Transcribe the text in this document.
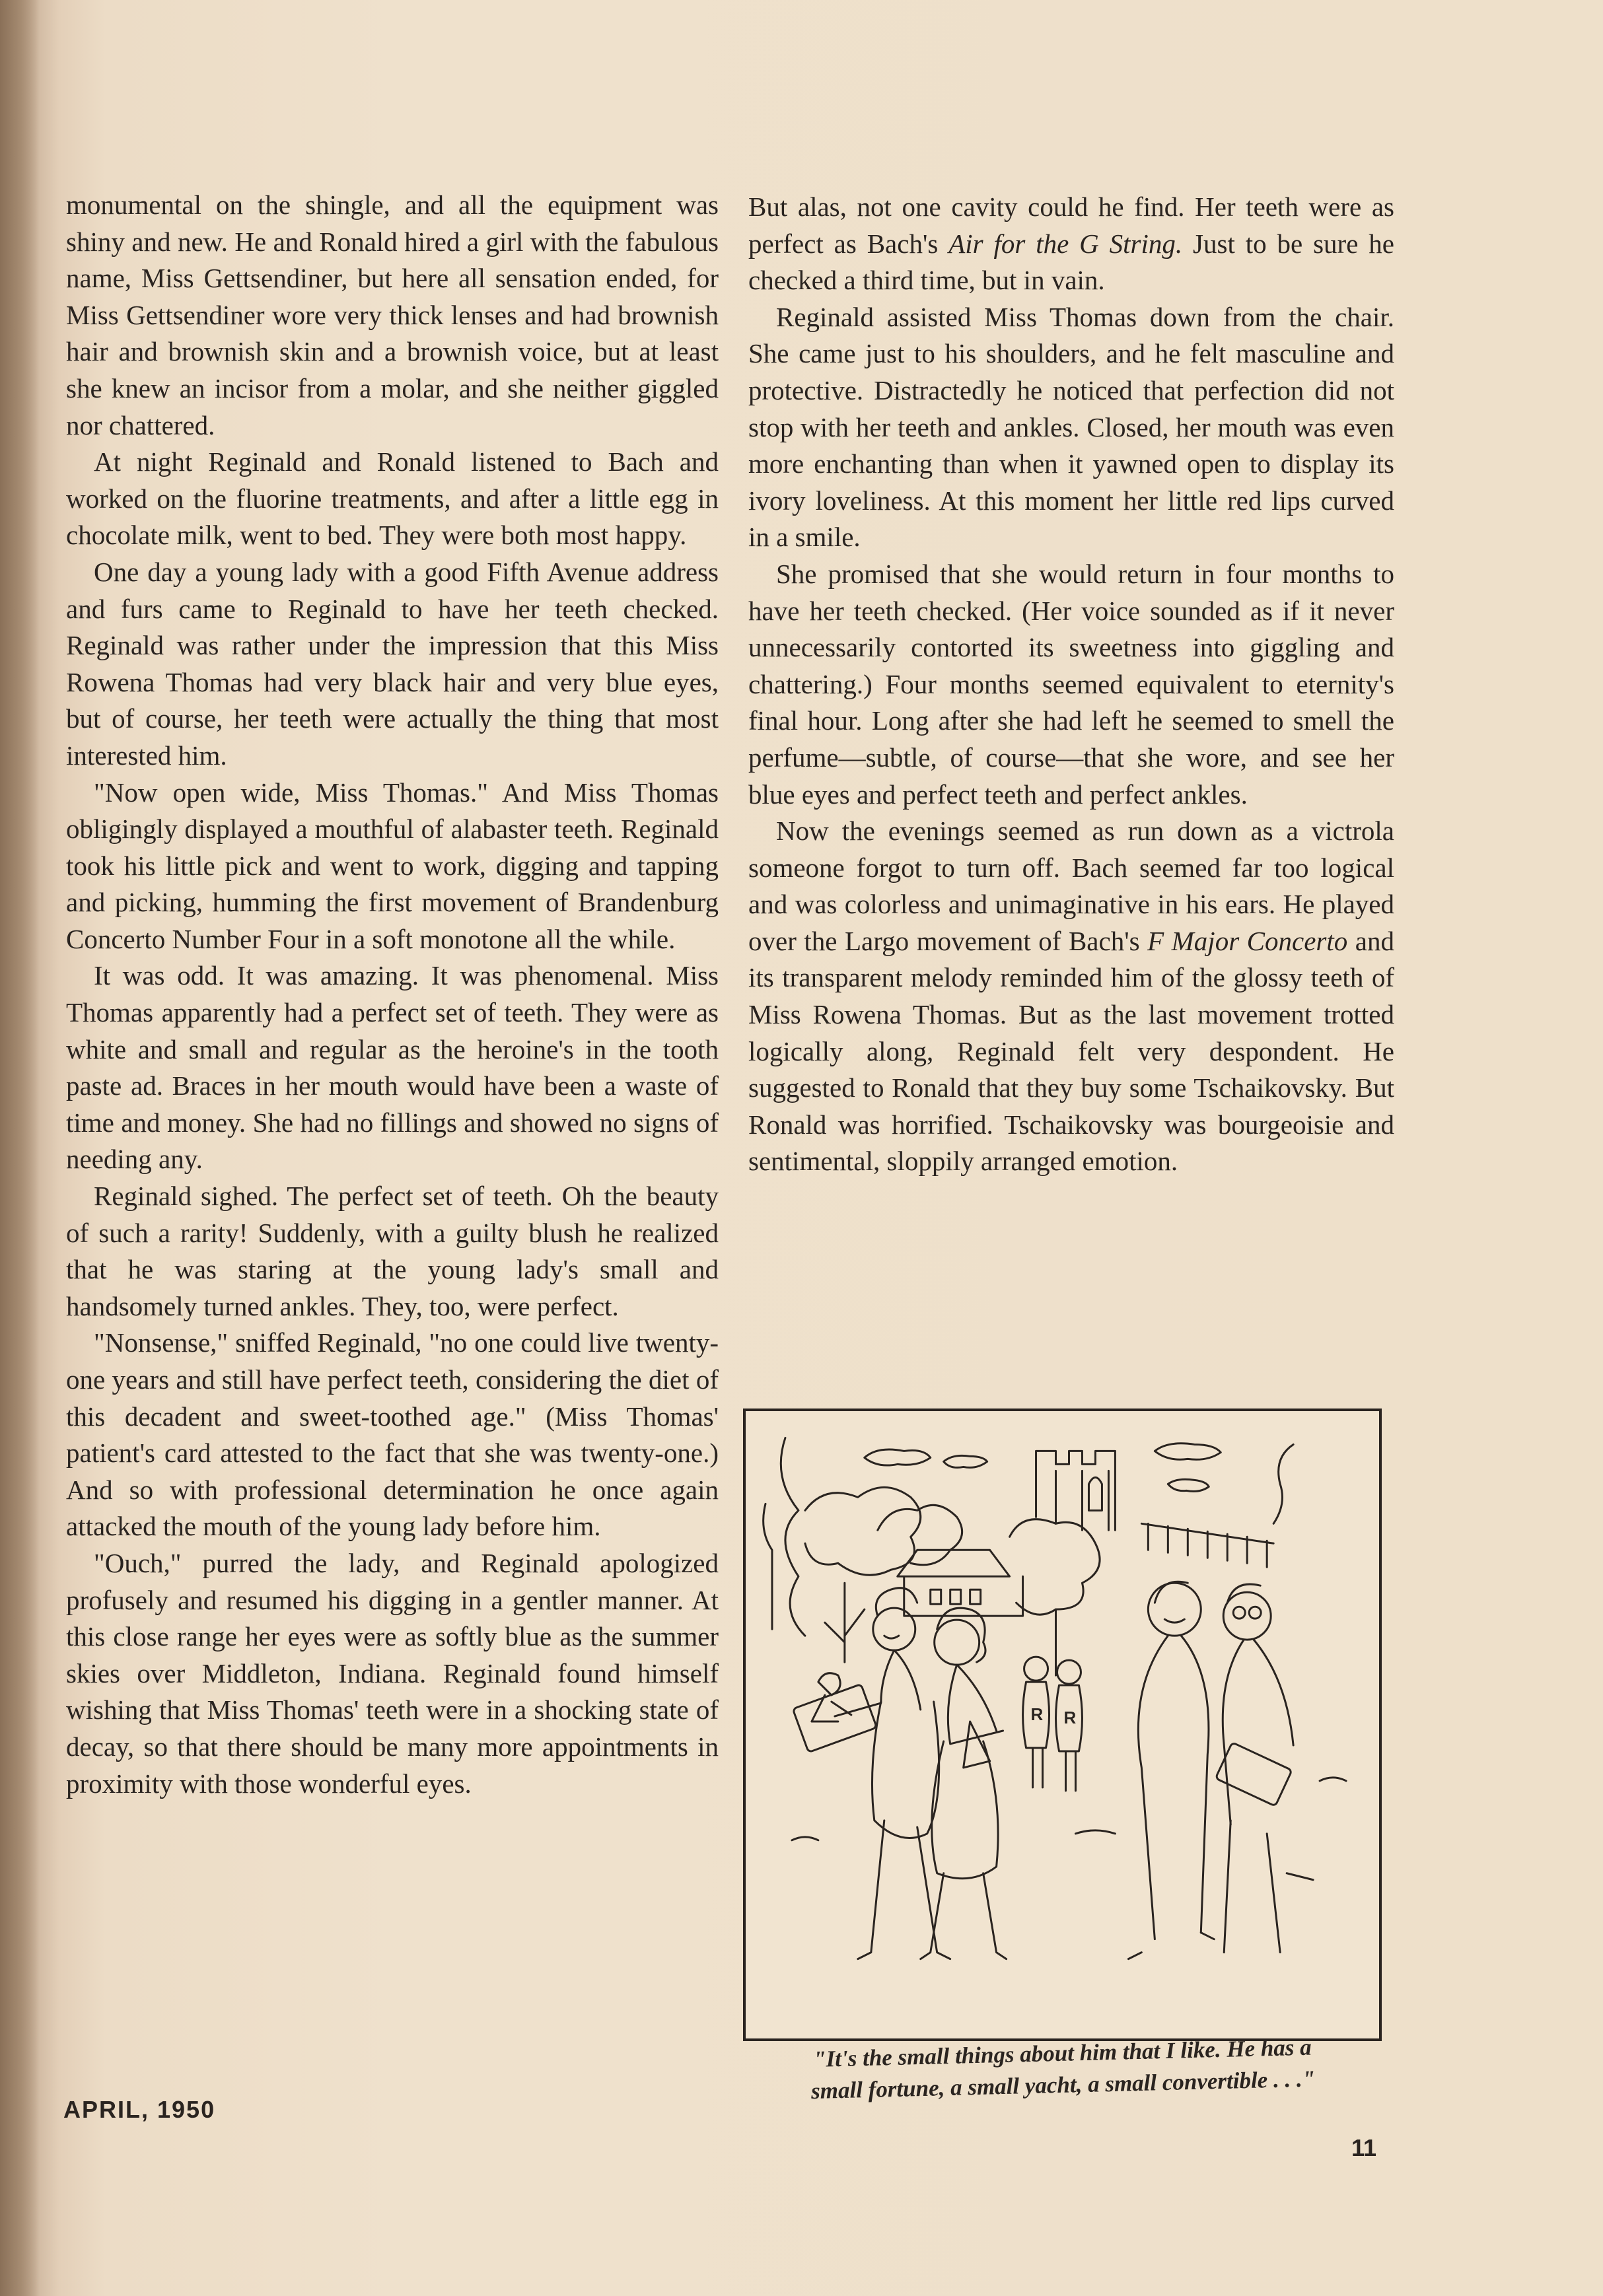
monumental on the shingle, and all the equipment was shiny and new. He and Ronald hired a girl with the fabulous name, Miss Gettsendiner, but here all sensation ended, for Miss Gettsendiner wore very thick lenses and had brownish hair and brownish skin and a brownish voice, but at least she knew an incisor from a molar, and she neither giggled nor chattered.

At night Reginald and Ronald listened to Bach and worked on the fluorine treatments, and after a little egg in chocolate milk, went to bed. They were both most happy.

One day a young lady with a good Fifth Avenue address and furs came to Reginald to have her teeth checked. Reginald was rather under the impression that this Miss Rowena Thomas had very black hair and very blue eyes, but of course, her teeth were actually the thing that most interested him.

"Now open wide, Miss Thomas." And Miss Thomas obligingly displayed a mouthful of alabaster teeth. Reginald took his little pick and went to work, digging and tapping and picking, humming the first movement of Brandenburg Concerto Number Four in a soft monotone all the while.

It was odd. It was amazing. It was phenomenal. Miss Thomas apparently had a perfect set of teeth. They were as white and small and regular as the heroine's in the tooth paste ad. Braces in her mouth would have been a waste of time and money. She had no fillings and showed no signs of needing any.

Reginald sighed. The perfect set of teeth. Oh the beauty of such a rarity! Suddenly, with a guilty blush he realized that he was staring at the young lady's small and handsomely turned ankles. They, too, were perfect.

"Nonsense," sniffed Reginald, "no one could live twenty-one years and still have perfect teeth, considering the diet of this decadent and sweet-toothed age." (Miss Thomas' patient's card attested to the fact that she was twenty-one.) And so with professional determination he once again attacked the mouth of the young lady before him.

"Ouch," purred the lady, and Reginald apologized profusely and resumed his digging in a gentler manner. At this close range her eyes were as softly blue as the summer skies over Middleton, Indiana. Reginald found himself wishing that Miss Thomas' teeth were in a shocking state of decay, so that there should be many more appointments in proximity with those wonderful eyes.

But alas, not one cavity could he find. Her teeth were as perfect as Bach's Air for the G String. Just to be sure he checked a third time, but in vain.

Reginald assisted Miss Thomas down from the chair. She came just to his shoulders, and he felt masculine and protective. Distractedly he noticed that perfection did not stop with her teeth and ankles. Closed, her mouth was even more enchanting than when it yawned open to display its ivory loveliness. At this moment her little red lips curved in a smile.

She promised that she would return in four months to have her teeth checked. (Her voice sounded as if it never unnecessarily contorted its sweetness into giggling and chattering.) Four months seemed equivalent to eternity's final hour. Long after she had left he seemed to smell the perfume—subtle, of course—that she wore, and see her blue eyes and perfect teeth and perfect ankles.

Now the evenings seemed as run down as a victrola someone forgot to turn off. Bach seemed far too logical and was colorless and unimaginative in his ears. He played over the Largo movement of Bach's F Major Concerto and its transparent melody reminded him of the glossy teeth of Miss Rowena Thomas. But as the last movement trotted logically along, Reginald felt very despondent. He suggested to Ronald that they buy some Tschaikovsky. But Ronald was horrified. Tschaikovsky was bourgeoisie and sentimental, sloppily arranged emotion.

R R
"It's the small things about him that I like. He has a
small fortune, a small yacht, a small convertible . . ."
APRIL, 1950
11
